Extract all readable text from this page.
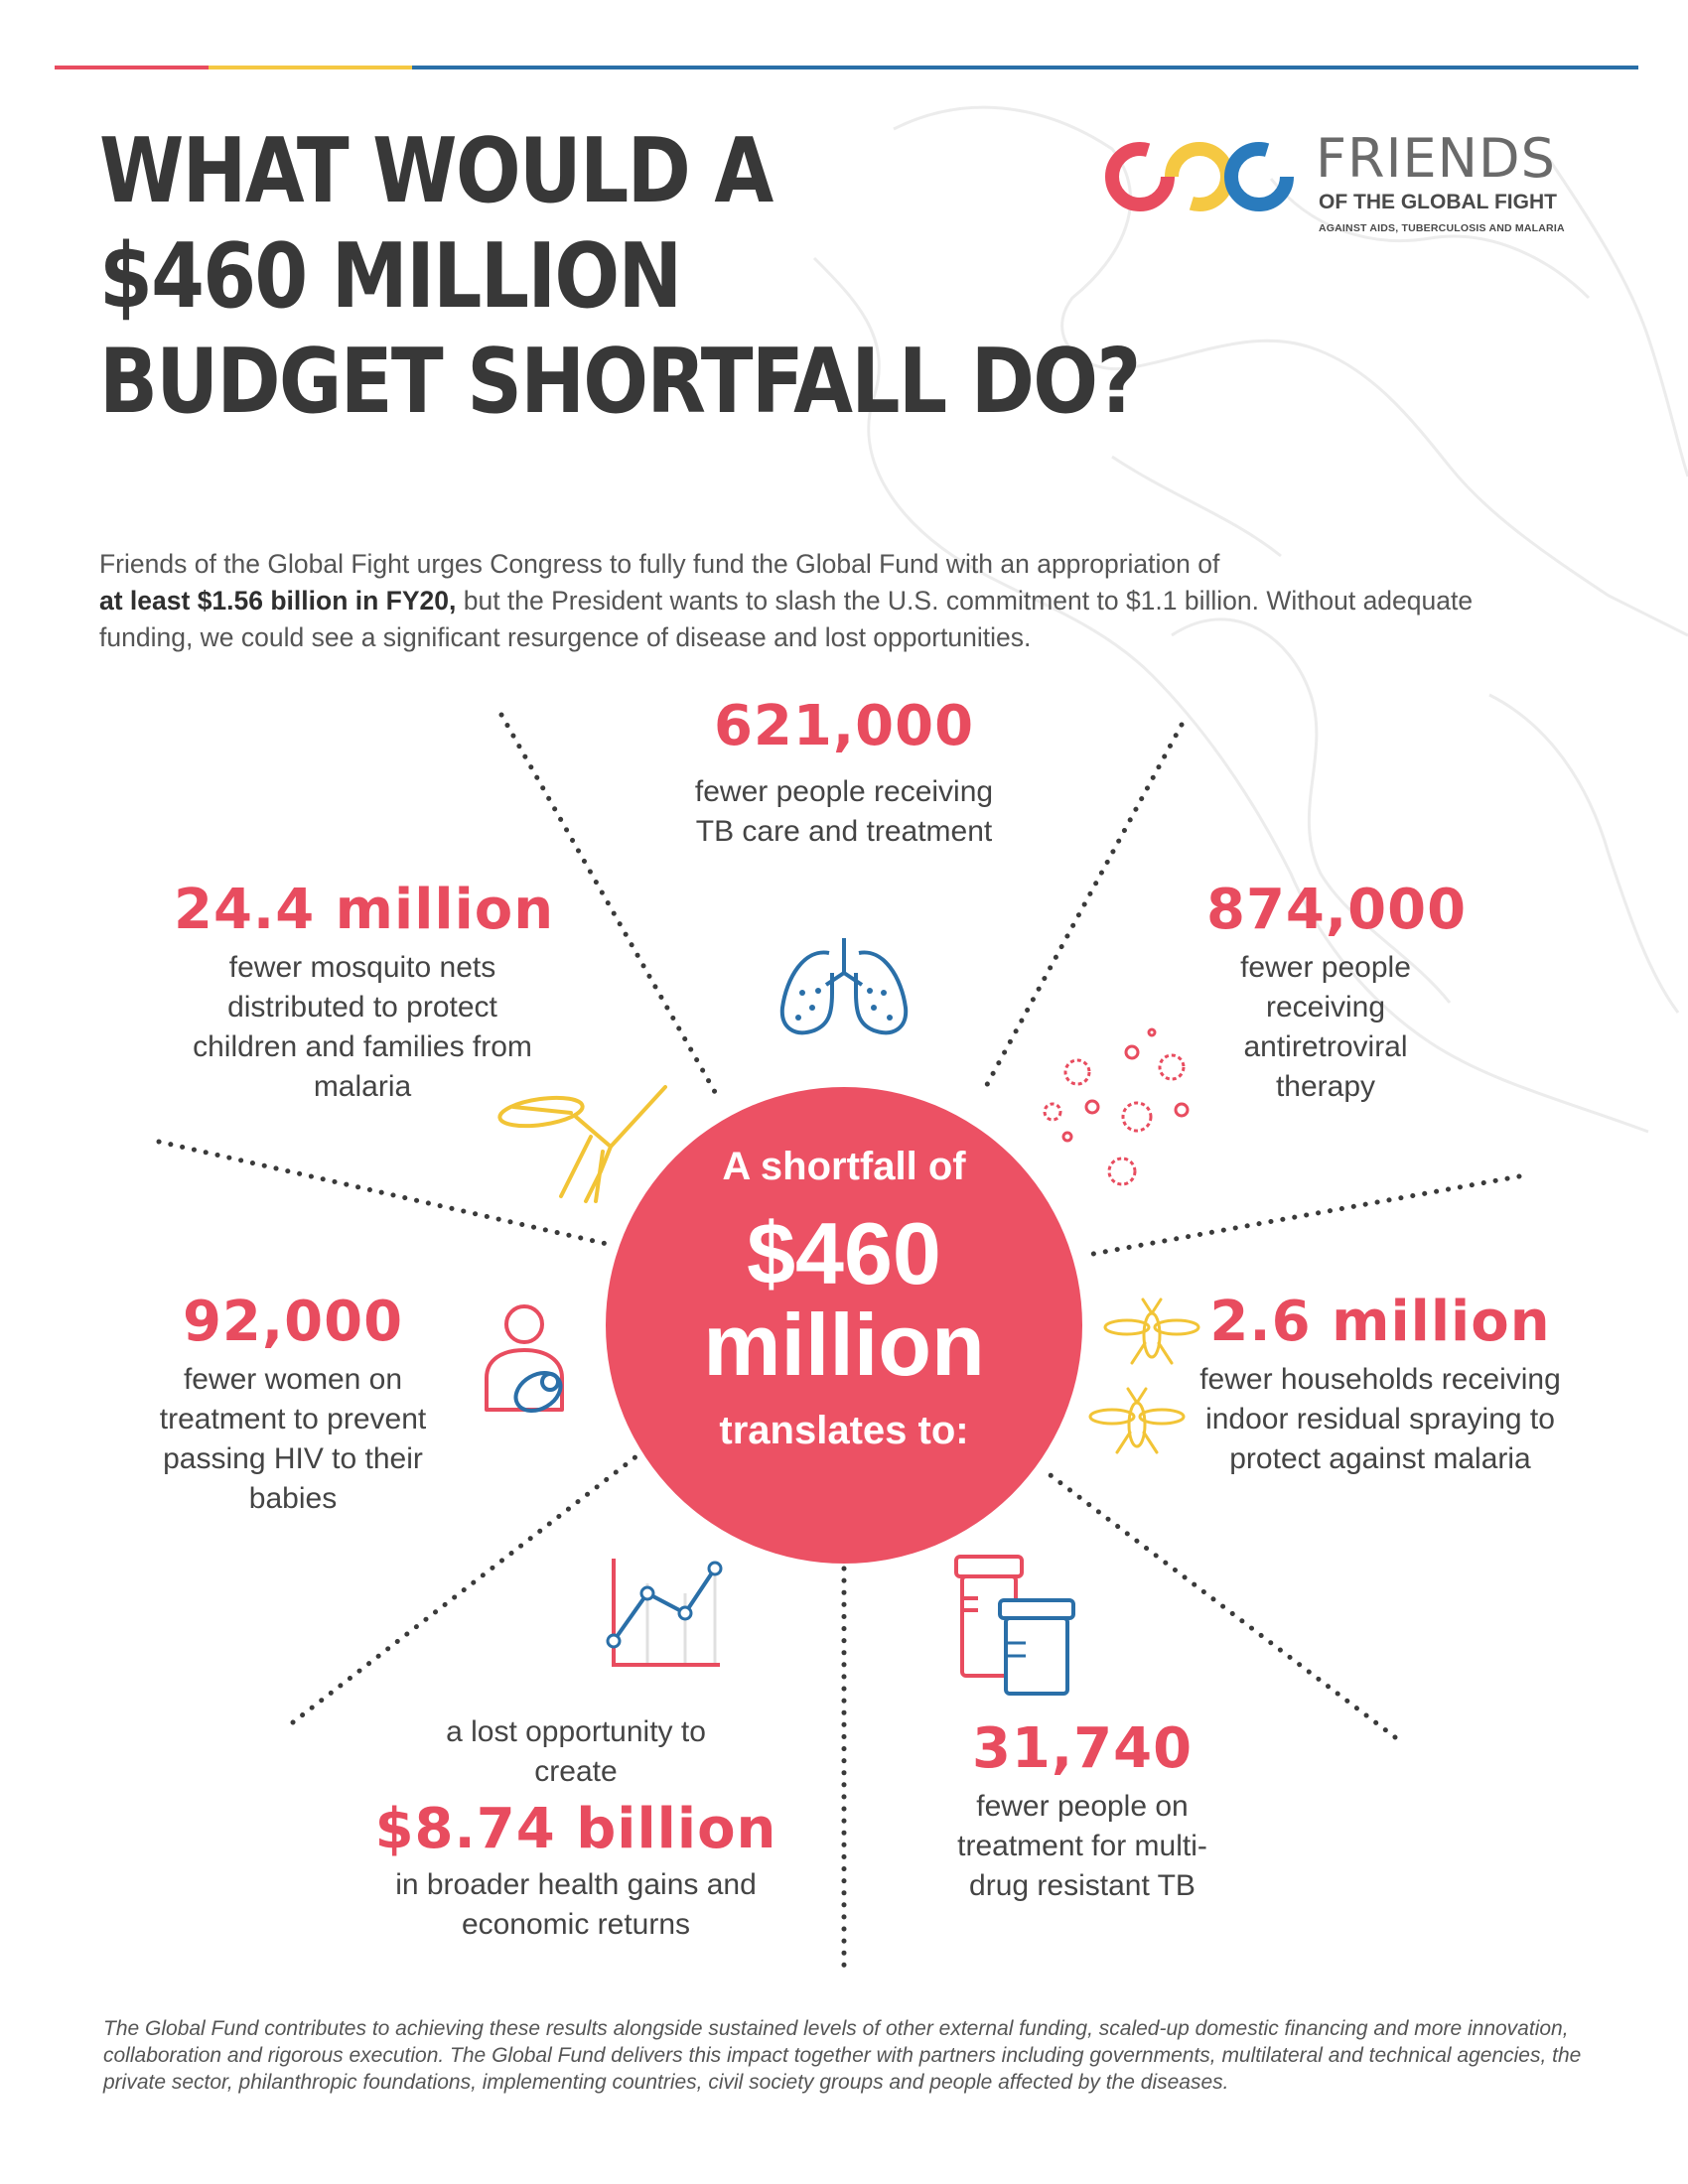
WHAT WOULD A
$460 MILLION
BUDGET SHORTFALL DO?
FRIENDS
OF THE GLOBAL FIGHT
AGAINST AIDS, TUBERCULOSIS AND MALARIA

Friends of the Global Fight urges Congress to fully fund the Global Fund with an appropriation of
at least $1.56 billion in FY20, but the President wants to slash the U.S. commitment to $1.1 billion. Without adequate funding, we could see a significant resurgence of disease and lost opportunities.

621,000
fewer people receiving TB care and treatment
24.4 million
fewer mosquito nets distributed to protect children and families from malaria
874,000
fewer people receiving antiretroviral therapy
92,000
fewer women on treatment to prevent passing HIV to their babies
2.6 million
fewer households receiving indoor residual spraying to protect against malaria
a lost opportunity to create
$8.74 billion
in broader health gains and economic returns
31,740
fewer people on treatment for multi-drug resistant TB
A shortfall of
$460
million
translates to:

The Global Fund contributes to achieving these results alongside sustained levels of other external funding, scaled-up domestic financing and more innovation, collaboration and rigorous execution. The Global Fund delivers this impact together with partners including governments, multilateral and technical agencies, the private sector, philanthropic foundations, implementing countries, civil society groups and people affected by the diseases.
